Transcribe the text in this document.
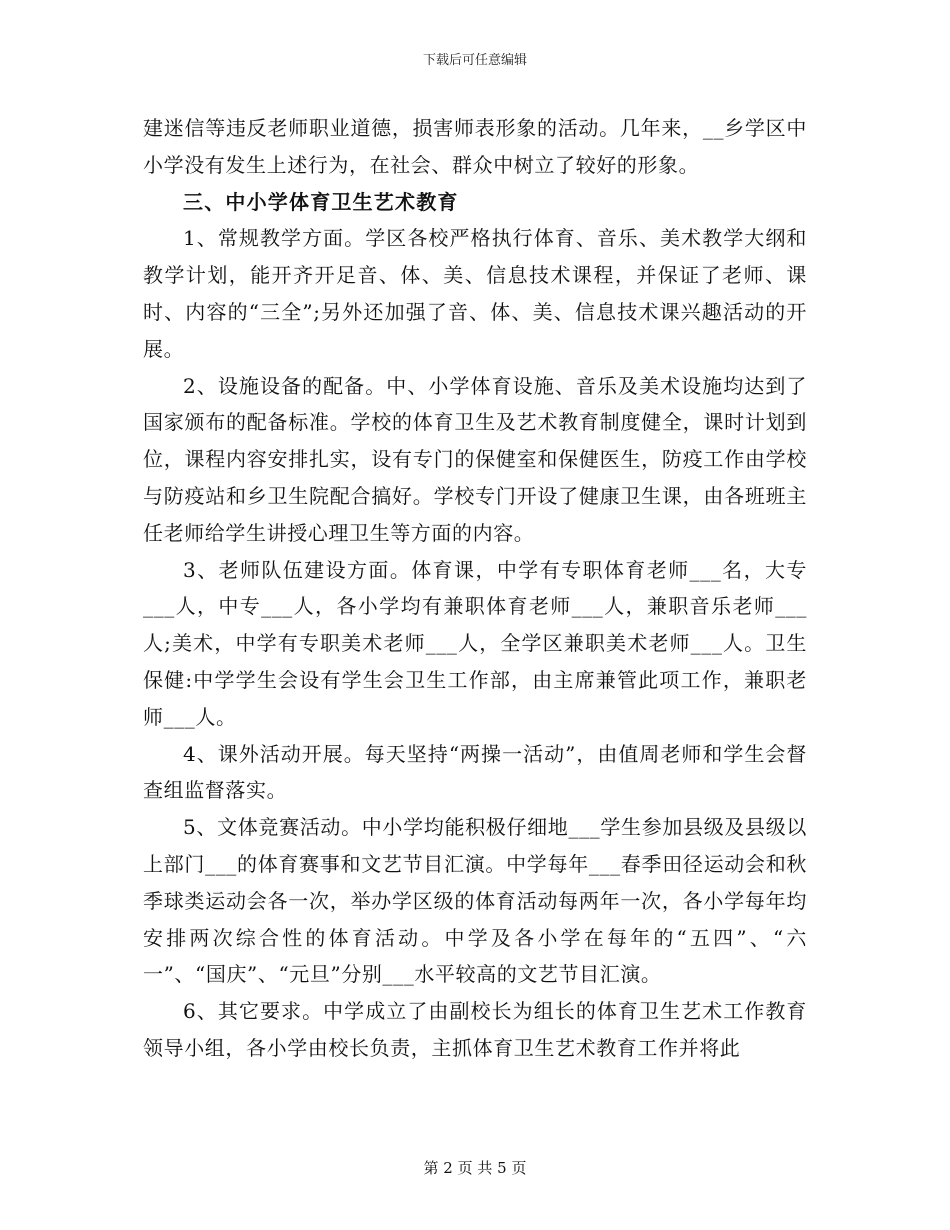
下载后可任意编辑

建迷信等违反老师职业道德，损害师表形象的活动。几年来，__乡学区中小学没有发生上述行为，在社会、群众中树立了较好的形象。

三、中小学体育卫生艺术教育

1、常规教学方面。学区各校严格执行体育、音乐、美术教学大纲和教学计划，能开齐开足音、体、美、信息技术课程，并保证了老师、课时、内容的“三全”;另外还加强了音、体、美、信息技术课兴趣活动的开展。

2、设施设备的配备。中、小学体育设施、音乐及美术设施均达到了国家颁布的配备标准。学校的体育卫生及艺术教育制度健全，课时计划到位，课程内容安排扎实，设有专门的保健室和保健医生，防疫工作由学校与防疫站和乡卫生院配合搞好。学校专门开设了健康卫生课，由各班班主任老师给学生讲授心理卫生等方面的内容。

3、老师队伍建设方面。体育课，中学有专职体育老师___名，大专___人，中专___人，各小学均有兼职体育老师___人，兼职音乐老师___人;美术，中学有专职美术老师___人，全学区兼职美术老师___人。卫生保健:中学学生会设有学生会卫生工作部，由主席兼管此项工作，兼职老师___人。

4、课外活动开展。每天坚持“两操一活动”，由值周老师和学生会督查组监督落实。

5、文体竞赛活动。中小学均能积极仔细地___学生参加县级及县级以上部门___的体育赛事和文艺节目汇演。中学每年___春季田径运动会和秋季球类运动会各一次，举办学区级的体育活动每两年一次，各小学每年均安排两次综合性的体育活动。中学及各小学在每年的“五四”、“六一”、“国庆”、“元旦”分别___水平较高的文艺节目汇演。

6、其它要求。中学成立了由副校长为组长的体育卫生艺术工作教育领导小组，各小学由校长负责，主抓体育卫生艺术教育工作并将此

第 2 页 共 5 页
